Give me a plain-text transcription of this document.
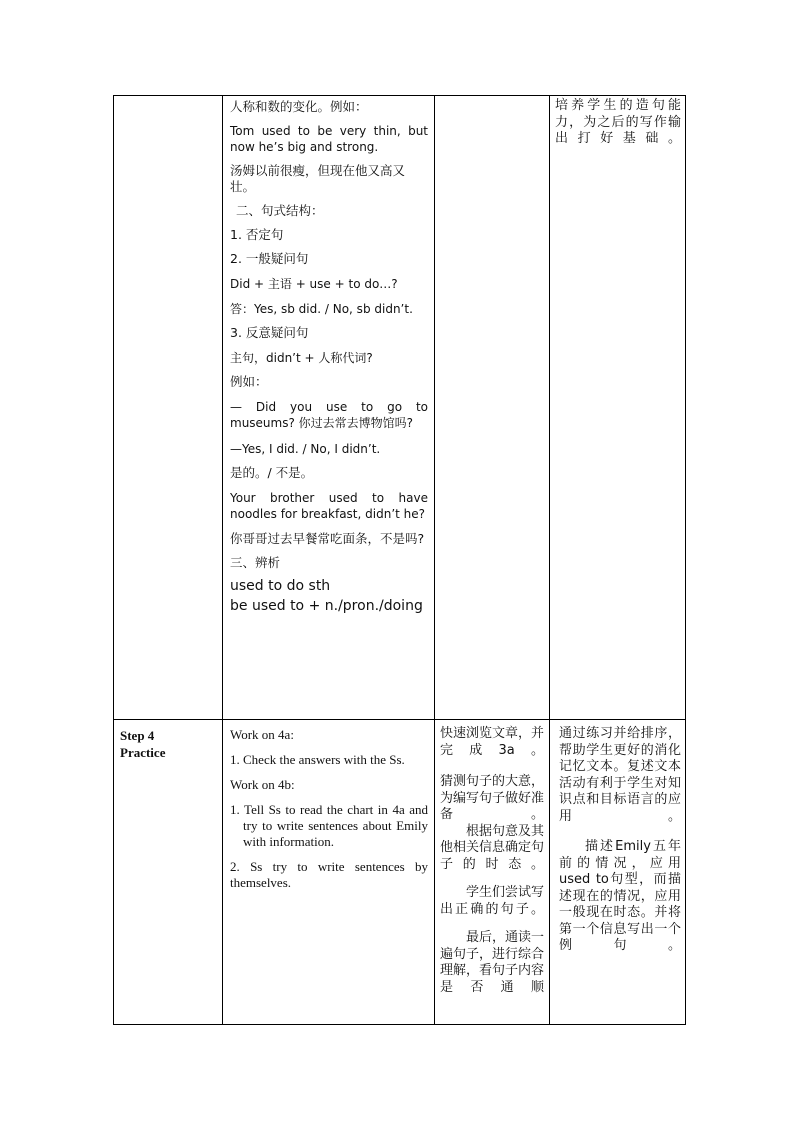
人称和数的变化。例如：

Tom used to be very thin, but now he’s big and strong.

汤姆以前很瘦，但现在他又高又壮。

二、句式结构：

1. 否定句

2. 一般疑问句

Did + 主语 + use + to do…?

答：Yes, sb did. / No, sb didn’t.

3. 反意疑问句

主句，didn’t + 人称代词?

例如：

— Did you use to go to museums? 你过去常去博物馆吗?

—Yes, I did. / No, I didn’t.

是的。/ 不是。

Your brother used to have noodles for breakfast, didn’t he?

你哥哥过去早餐常吃面条，不是吗?

三、辨析

used to do sth

be used to + n./pron./doing

培养学生的造句能力，为之后的写作输出打好基础。

Step 4

Practice

Work on 4a:

1. Check the answers with the Ss.

Work on 4b:

1. Tell Ss to read the chart in 4a and try to write sentences about Emily with information.

2. Ss try to write sentences by themselves.

快速浏览文章，并完成3a。

猜测句子的大意，为编写句子做好准备。

根据句意及其他相关信息确定句子的时态。

学生们尝试写出正确的句子。

最后，通读一遍句子，进行综合理解，看句子内容是否通顺

通过练习并给排序，帮助学生更好的消化记忆文本。复述文本活动有利于学生对知识点和目标语言的应用。

描述Emily五年前的情况，应用used to句型，而描述现在的情况，应用一般现在时态。并将第一个信息写出一个例句。
